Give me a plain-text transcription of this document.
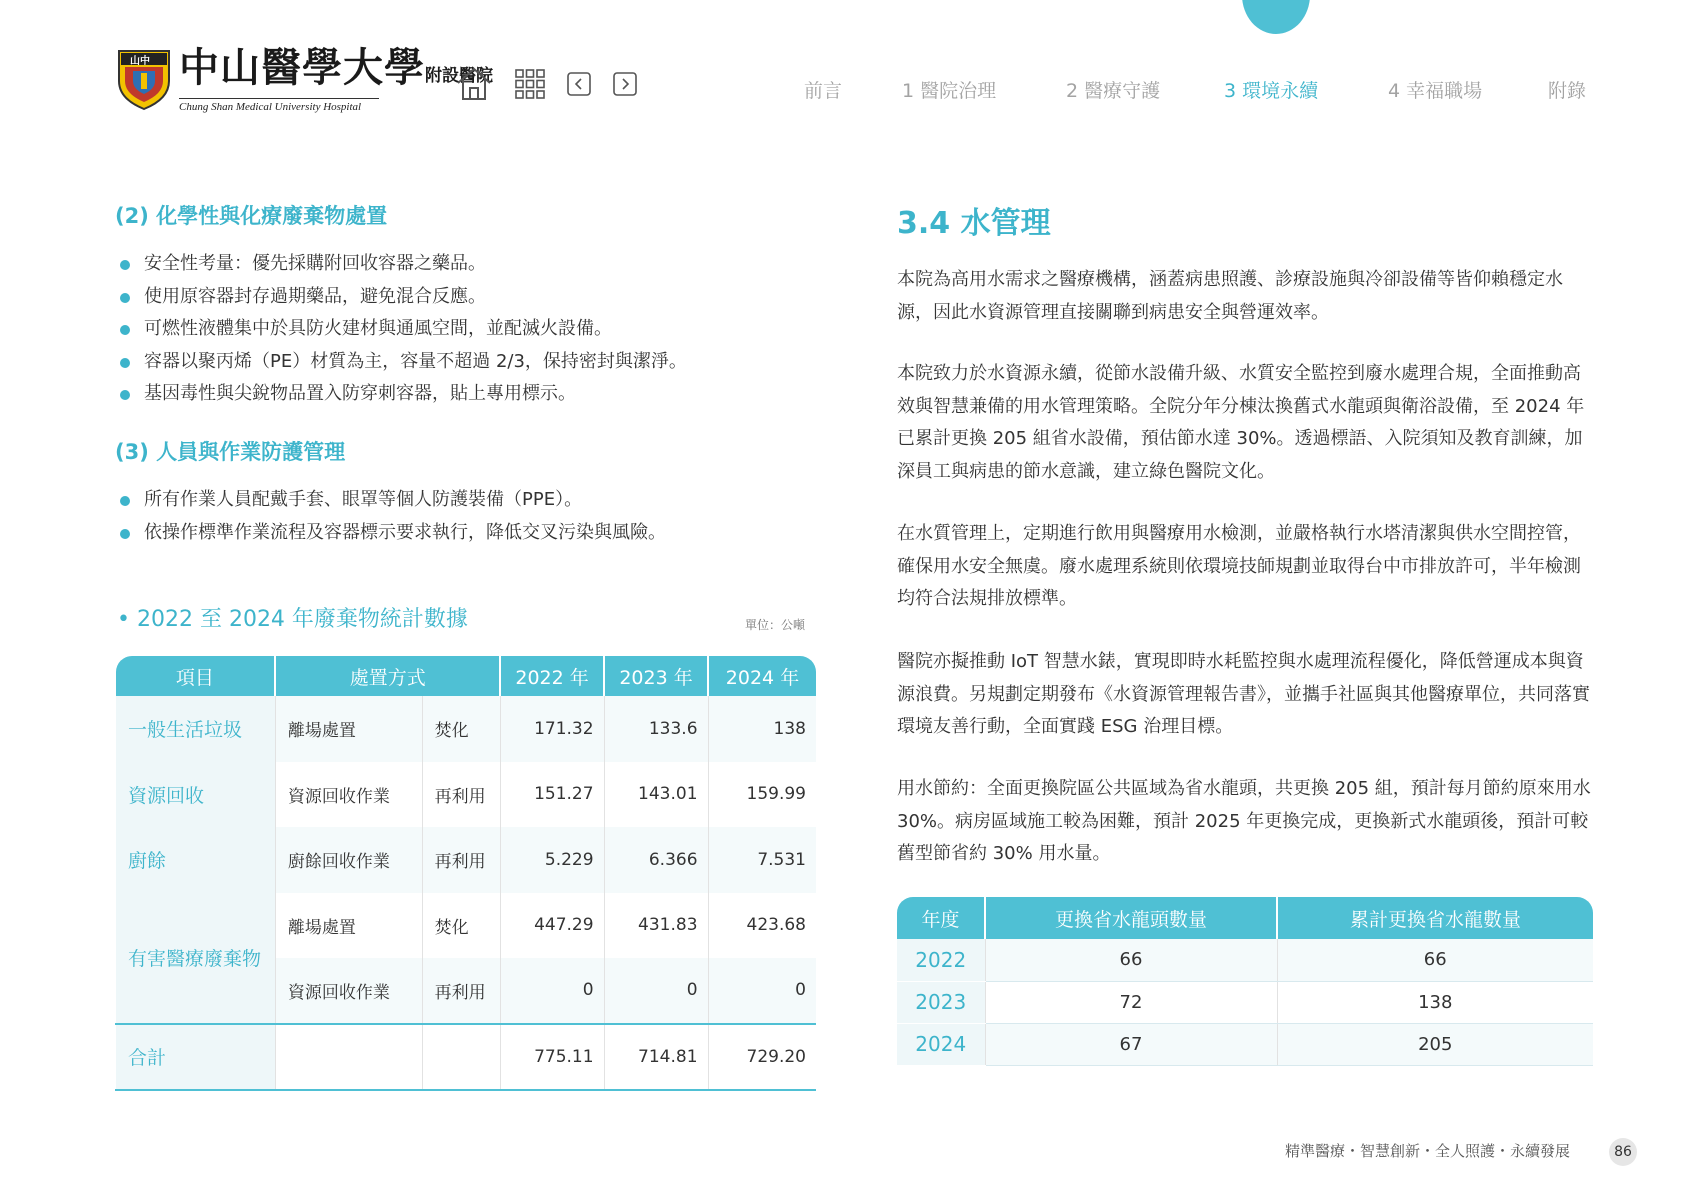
山中 中山醫學大學附設醫院
Chung Shan Medical University Hospital
前言	1 醫院治理	2 醫療守護	3 環境永續	4 幸福職場	附錄
(2) 化學性與化療廢棄物處置
安全性考量：優先採購附回收容器之藥品。
使用原容器封存過期藥品，避免混合反應。
可燃性液體集中於具防火建材與通風空間，並配滅火設備。
容器以聚丙烯（PE）材質為主，容量不超過 2/3，保持密封與潔淨。
基因毒性與尖銳物品置入防穿刺容器，貼上專用標示。
(3) 人員與作業防護管理
所有作業人員配戴手套、眼罩等個人防護裝備（PPE）。
依操作標準作業流程及容器標示要求執行，降低交叉污染與風險。
• 2022 至 2024 年廢棄物統計數據	單位：公噸
項目	處置方式		2022 年	2023 年	2024 年
一般生活垃圾	離場處置	焚化	171.32	133.6	138
資源回收	資源回收作業	再利用	151.27	143.01	159.99
廚餘	廚餘回收作業	再利用	5.229	6.366	7.531
有害醫療廢棄物	離場處置	焚化	447.29	431.83	423.68
	資源回收作業	再利用	0	0	0
合計			775.11	714.81	729.20
3.4 水管理

本院為高用水需求之醫療機構，涵蓋病患照護、診療設施與冷卻設備等皆仰賴穩定水源，因此水資源管理直接關聯到病患安全與營運效率。

本院致力於水資源永續，從節水設備升級、水質安全監控到廢水處理合規，全面推動高效與智慧兼備的用水管理策略。全院分年分棟汰換舊式水龍頭與衛浴設備，至 2024 年已累計更換 205 組省水設備，預估節水達 30%。透過標語、入院須知及教育訓練，加深員工與病患的節水意識，建立綠色醫院文化。

在水質管理上，定期進行飲用與醫療用水檢測，並嚴格執行水塔清潔與供水空間控管，確保用水安全無虞。廢水處理系統則依環境技師規劃並取得台中市排放許可，半年檢測均符合法規排放標準。

醫院亦擬推動 IoT 智慧水錶，實現即時水耗監控與水處理流程優化，降低營運成本與資源浪費。另規劃定期發布《水資源管理報告書》，並攜手社區與其他醫療單位，共同落實環境友善行動，全面實踐 ESG 治理目標。

用水節約：全面更換院區公共區域為省水龍頭，共更換 205 組，預計每月節約原來用水 30%。病房區域施工較為困難，預計 2025 年更換完成，更換新式水龍頭後，預計可較舊型節省約 30% 用水量。

年度	更換省水龍頭數量	累計更換省水龍數量
2022	66	66
2023	72	138
2024	67	205
精準醫療・智慧創新・全人照護・永續發展	86
